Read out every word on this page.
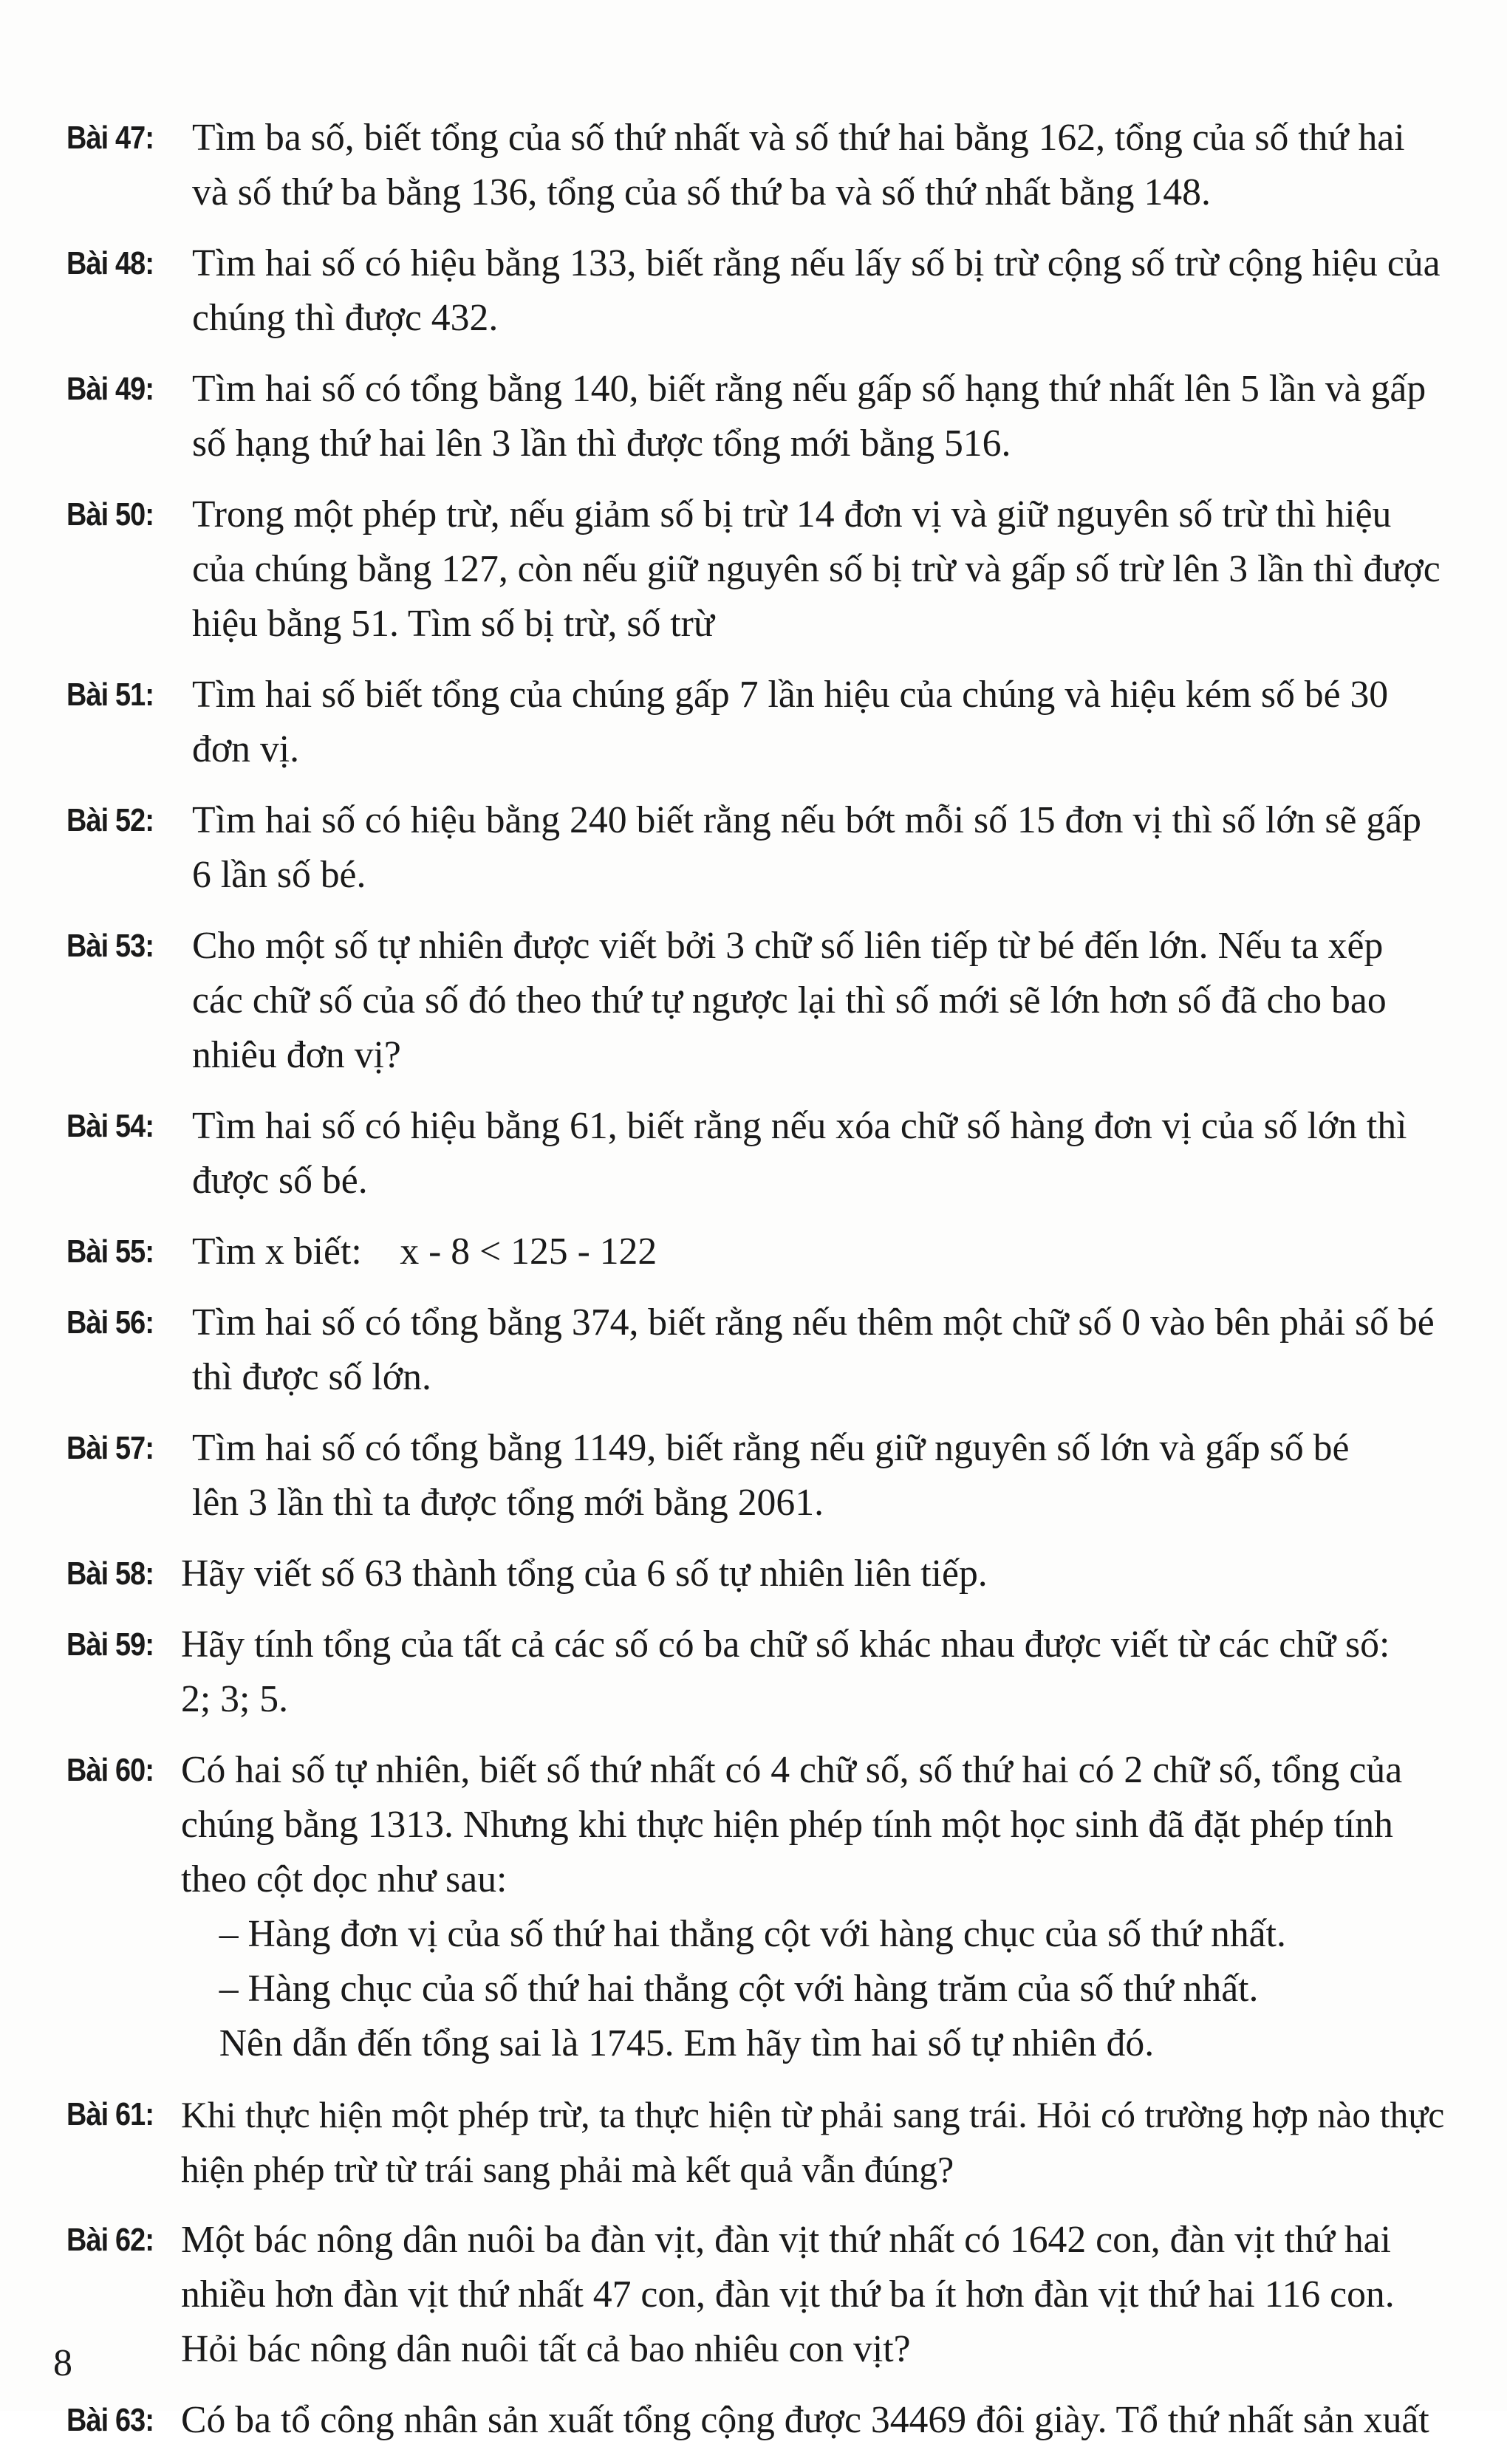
Bài 47: Tìm ba số, biết tổng của số thứ nhất và số thứ hai bằng 162, tổng của số thứ hai
và số thứ ba bằng 136, tổng của số thứ ba và số thứ nhất bằng 148.
Bài 48: Tìm hai số có hiệu bằng 133, biết rằng nếu lấy số bị trừ cộng số trừ cộng hiệu của
chúng thì được 432.
Bài 49: Tìm hai số có tổng bằng 140, biết rằng nếu gấp số hạng thứ nhất lên 5 lần và gấp
số hạng thứ hai lên 3 lần thì được tổng mới bằng 516.
Bài 50: Trong một phép trừ, nếu giảm số bị trừ 14 đơn vị và giữ nguyên số trừ thì hiệu
của chúng bằng 127, còn nếu giữ nguyên số bị trừ và gấp số trừ lên 3 lần thì được
hiệu bằng 51. Tìm số bị trừ, số trừ
Bài 51: Tìm hai số biết tổng của chúng gấp 7 lần hiệu của chúng và hiệu kém số bé 30
đơn vị.
Bài 52: Tìm hai số có hiệu bằng 240 biết rằng nếu bớt mỗi số 15 đơn vị thì số lớn sẽ gấp
6 lần số bé.
Bài 53: Cho một số tự nhiên được viết bởi 3 chữ số liên tiếp từ bé đến lớn. Nếu ta xếp
các chữ số của số đó theo thứ tự ngược lại thì số mới sẽ lớn hơn số đã cho bao
nhiêu đơn vị?
Bài 54: Tìm hai số có hiệu bằng 61, biết rằng nếu xóa chữ số hàng đơn vị của số lớn thì
được số bé.
Bài 55: Tìm x biết:    x - 8 < 125 - 122
Bài 56: Tìm hai số có tổng bằng 374, biết rằng nếu thêm một chữ số 0 vào bên phải số bé
thì được số lớn.
Bài 57: Tìm hai số có tổng bằng 1149, biết rằng nếu giữ nguyên số lớn và gấp số bé
lên 3 lần thì ta được tổng mới bằng 2061.
Bài 58: Hãy viết số 63 thành tổng của 6 số tự nhiên liên tiếp.
Bài 59: Hãy tính tổng của tất cả các số có ba chữ số khác nhau được viết từ các chữ số:
2; 3; 5.
Bài 60: Có hai số tự nhiên, biết số thứ nhất có 4 chữ số, số thứ hai có 2 chữ số, tổng của
chúng bằng 1313. Nhưng khi thực hiện phép tính một học sinh đã đặt phép tính
theo cột dọc như sau:
– Hàng đơn vị của số thứ hai thẳng cột với hàng chục của số thứ nhất.
– Hàng chục của số thứ hai thẳng cột với hàng trăm của số thứ nhất.
Nên dẫn đến tổng sai là 1745. Em hãy tìm hai số tự nhiên đó.
Bài 61: Khi thực hiện một phép trừ, ta thực hiện từ phải sang trái. Hỏi có trường hợp nào thực
hiện phép trừ từ trái sang phải mà kết quả vẫn đúng?
Bài 62: Một bác nông dân nuôi ba đàn vịt, đàn vịt thứ nhất có 1642 con, đàn vịt thứ hai
nhiều hơn đàn vịt thứ nhất 47 con, đàn vịt thứ ba ít hơn đàn vịt thứ hai 116 con.
Hỏi bác nông dân nuôi tất cả bao nhiêu con vịt?
Bài 63: Có ba tổ công nhân sản xuất tổng cộng được 34469 đôi giày. Tổ thứ nhất sản xuất
8
